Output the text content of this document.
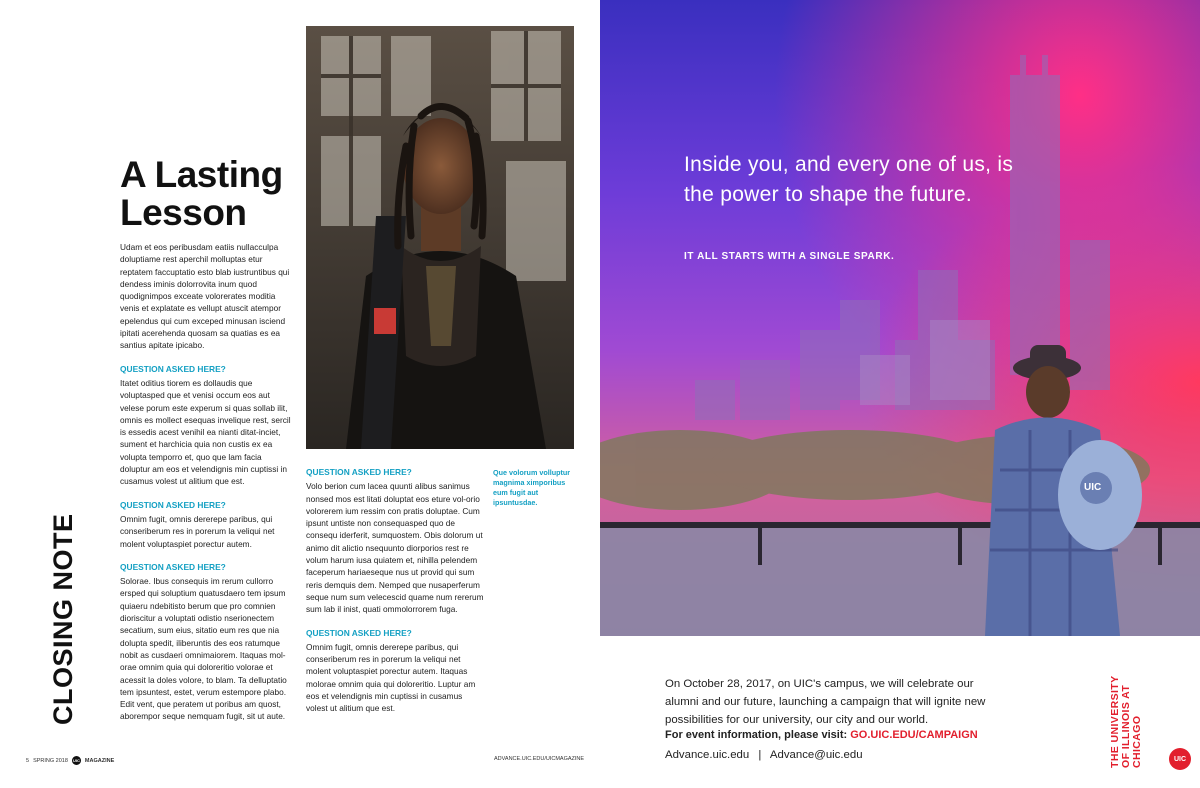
CLOSING NOTE
A Lasting Lesson

Udam et eos peribusdam eatiis nullacculpa doluptiame rest aperchil molluptas etur reptatem faccuptatio esto blab iustruntibus qui dendess iminis dolorrovita inum quod quodignimpos exceate volorerates moditia venis et explatate es vellupt atuscit atempor epelendus qui cum exceped minusan isciend ipitati acerehenda quosam sa quatias es ea santius apitate ipicabo.

QUESTION ASKED HERE?

Itatet oditius tiorem es dollaudis que voluptasped que et venisi occum eos aut velese porum este experum si quas sollab ilit, omnis es mollect esequas invelique rest, sercil is essedis acest venihil ea nianti ditat-inciet, sument et harchicia quia non custis ex ea volupta temporro et, quo que lam facia doluptur am eos et velendignis min cuptissi in cusamus volest ut alitium que est.

QUESTION ASKED HERE?

Omnim fugit, omnis dererepe paribus, qui conseriberum res in porerum la veliqui net molent voluptaspiet porectur autem.

QUESTION ASKED HERE?

Solorae. Ibus consequis im rerum cullorro ersped qui soluptium quatusdaero tem ipsum quiaeru ndebitisto berum que pro comnien dioriscitur a voluptati odistio nserionectem secatium, sum eius, sitatio eum res que nia dolupta spedit, iliberuntis des eos ratumque nobit as cusdaeri omnimaiorem. Itaquas mol-orae omnim quia qui doloreritio volorae et acessit la doles volore, to blam. Ta delluptatio tem ipsuntest, estet, verum estempore plabo. Edit vent, que peratem ut poribus am quost, aborempor seque nemquam fugit, sit ut aute.

QUESTION ASKED HERE?

Volo berion cum lacea quunti alibus sanimus nonsed mos est litati doluptat eos eture vol-orio volorerem ium ressim con pratis doluptae. Cum ipsunt untiste non consequasped quo de consequ iderferit, sumquostem. Obis dolorum ut animo dit alictio nsequunto diorporios rest re volum harum iusa quiatem et, nihilla pelendem faceperum hariaeseque nus ut provid qui sum reris demquis dem. Nemped que nusaperferum seque num sum velecescid quame num rererum sum lab il inist, quati ommolorrorem fuga.

QUESTION ASKED HERE?

Omnim fugit, omnis dererepe paribus, qui conseriberum res in porerum la veliqui net molent voluptaspiet porectur autem. Itaquas molorae omnim quia qui doloreritio. Luptur am eos et velendignis min cuptissi in cusamus volest ut alitium que est.

Que volorum volluptur magnima ximporibus eum fugit aut ipsuntusdae.
5 SPRING 2018 UIC MAGAZINE	ADVANCE.UIC.EDU/UICMAGAZINE
UIC
Inside you, and every one of us, is the power to shape the future.
IT ALL STARTS WITH A SINGLE SPARK.
On October 28, 2017, on UIC's campus, we will celebrate our alumni and our future, launching a campaign that will ignite new possibilities for our university, our city and our world.
For event information, please visit: GO.UIC.EDU/CAMPAIGN
Advance.uic.edu | Advance@uic.edu	THE UNIVERSITY OF ILLINOIS AT CHICAGO	UIC
